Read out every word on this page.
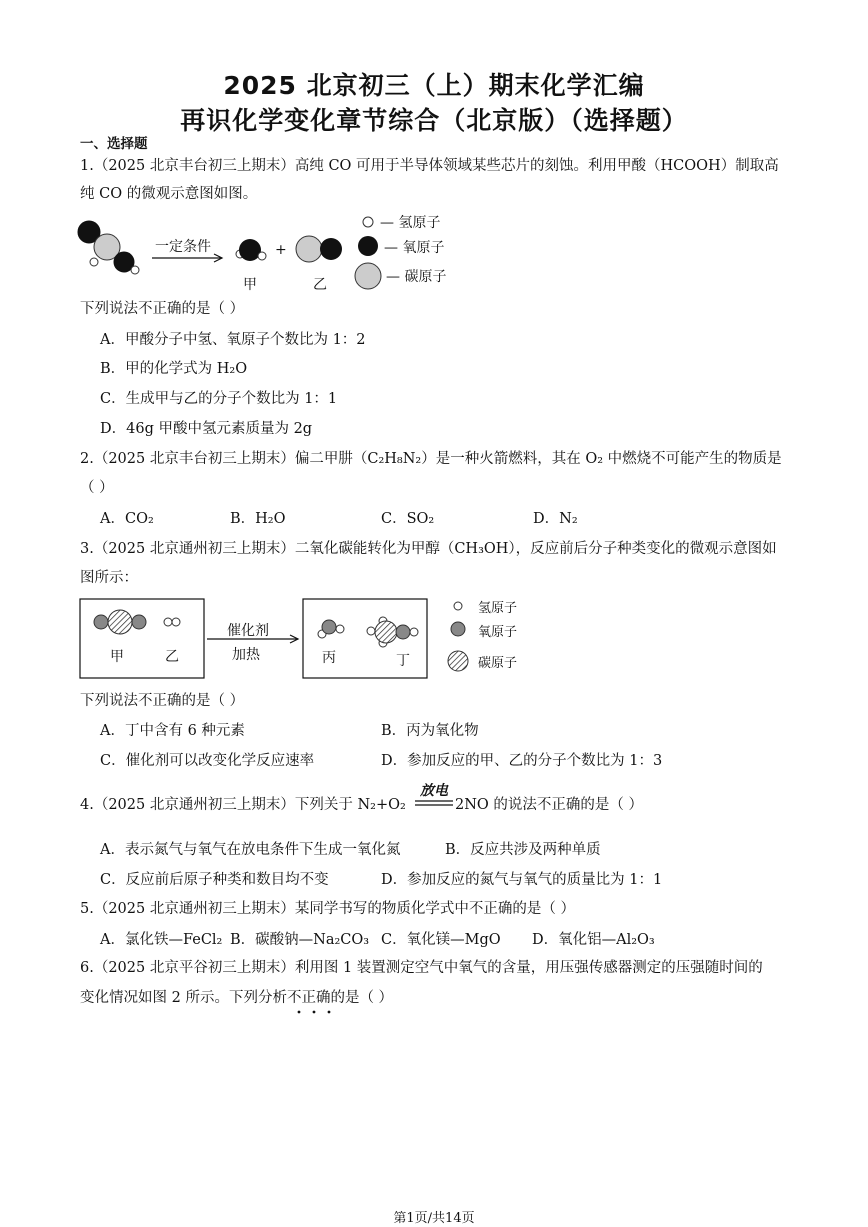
2025 北京初三（上）期末化学汇编
再识化学变化章节综合（北京版）（选择题）
一、选择题
1.（2025 北京丰台初三上期末）高纯 CO 可用于半导体领域某些芯片的刻蚀。利用甲酸（HCOOH）制取高
纯 CO 的微观示意图如图。
一定条件	+
甲	乙
— 氢原子
— 氧原子
— 碳原子
下列说法不正确的是（ ）
A．甲酸分子中氢、氧原子个数比为 1：2
B．甲的化学式为 H₂O
C．生成甲与乙的分子个数比为 1：1
D．46g 甲酸中氢元素质量为 2g
2.（2025 北京丰台初三上期末）偏二甲肼（C₂H₈N₂）是一种火箭燃料，其在 O₂ 中燃烧不可能产生的物质是
（ ）
A．CO₂	B．H₂O	C．SO₂	D．N₂
3.（2025 北京通州初三上期末）二氧化碳能转化为甲醇（CH₃OH），反应前后分子种类变化的微观示意图如
图所示：
甲	乙
催化剂
加热	丙	丁
氢原子
氧原子
碳原子
下列说法不正确的是（ ）
A．丁中含有 6 种元素	B．丙为氧化物
C．催化剂可以改变化学反应速率	D．参加反应的甲、乙的分子个数比为 1：3
4.（2025 北京通州初三上期末）下列关于 N₂+O₂
放电
2NO 的说法不正确的是（ ）
A．表示氮气与氧气在放电条件下生成一氧化氮	B．反应共涉及两种单质
C．反应前后原子种类和数目均不变	D．参加反应的氮气与氧气的质量比为 1：1
5.（2025 北京通州初三上期末）某同学书写的物质化学式中不正确的是（ ）
A．氯化铁—FeCl₂ B．碳酸钠—Na₂CO₃ C．氧化镁—MgO D．氧化铝—Al₂O₃
6.（2025 北京平谷初三上期末）利用图 1 装置测定空气中氧气的含量，用压强传感器测定的压强随时间的
变化情况如图 2 所示。下列分析不正确的是（ ）
第1页/共14页
